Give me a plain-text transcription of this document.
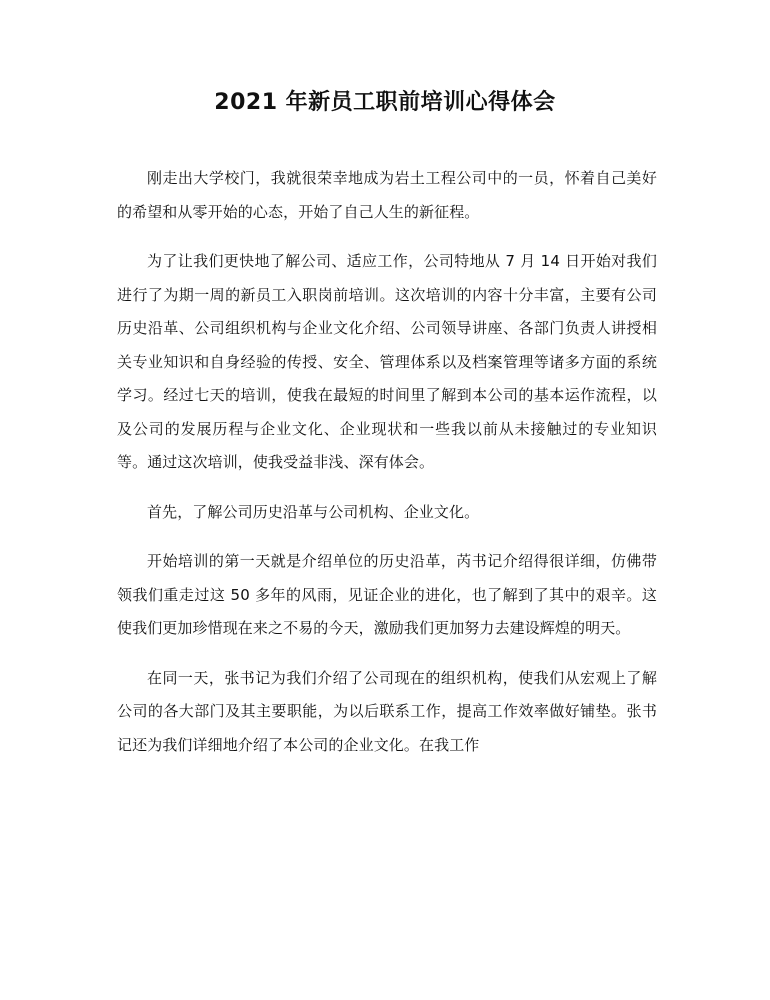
2021 年新员工职前培训心得体会

刚走出大学校门，我就很荣幸地成为岩土工程公司中的一员，怀着自己美好的希望和从零开始的心态，开始了自己人生的新征程。

为了让我们更快地了解公司、适应工作，公司特地从 7 月 14 日开始对我们进行了为期一周的新员工入职岗前培训。这次培训的内容十分丰富，主要有公司历史沿革、公司组织机构与企业文化介绍、公司领导讲座、各部门负责人讲授相关专业知识和自身经验的传授、安全、管理体系以及档案管理等诸多方面的系统学习。经过七天的培训，使我在最短的时间里了解到本公司的基本运作流程，以及公司的发展历程与企业文化、企业现状和一些我以前从未接触过的专业知识等。通过这次培训，使我受益非浅、深有体会。

首先，了解公司历史沿革与公司机构、企业文化。

开始培训的第一天就是介绍单位的历史沿革，芮书记介绍得很详细，仿佛带领我们重走过这 50 多年的风雨，见证企业的进化，也了解到了其中的艰辛。这使我们更加珍惜现在来之不易的今天，激励我们更加努力去建设辉煌的明天。

在同一天，张书记为我们介绍了公司现在的组织机构，使我们从宏观上了解公司的各大部门及其主要职能，为以后联系工作，提高工作效率做好铺垫。张书记还为我们详细地介绍了本公司的企业文化。在我工作
